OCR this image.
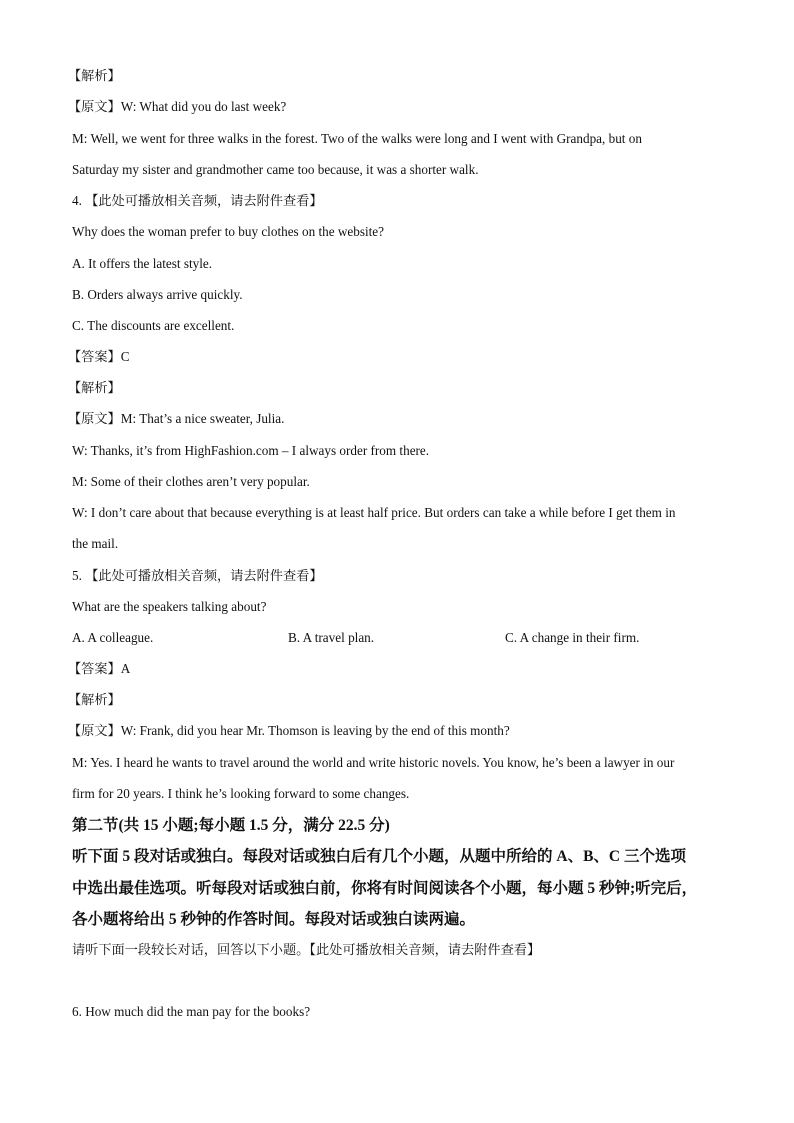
【解析】
【原文】W: What did you do last week?
M: Well, we went for three walks in the forest. Two of the walks were long and I went with Grandpa, but on
Saturday my sister and grandmother came too because, it was a shorter walk.
4. 【此处可播放相关音频，请去附件查看】
Why does the woman prefer to buy clothes on the website?
A. It offers the latest style.
B. Orders always arrive quickly.
C. The discounts are excellent.
【答案】C
【解析】
【原文】M: That’s a nice sweater, Julia.
W: Thanks, it’s from HighFashion.com – I always order from there.
M: Some of their clothes aren’t very popular.
W: I don’t care about that because everything is at least half price. But orders can take a while before I get them in
the mail.
5. 【此处可播放相关音频，请去附件查看】
What are the speakers talking about?
A. A colleague.	B. A travel plan.	C. A change in their firm.
【答案】A
【解析】
【原文】W: Frank, did you hear Mr. Thomson is leaving by the end of this month?
M: Yes. I heard he wants to travel around the world and write historic novels. You know, he’s been a lawyer in our
firm for 20 years. I think he’s looking forward to some changes.
第二节(共 15 小题;每小题 1.5 分，满分 22.5 分)
听下面 5 段对话或独白。每段对话或独白后有几个小题，从题中所给的 A、B、C 三个选项
中选出最佳选项。听每段对话或独白前，你将有时间阅读各个小题，每小题 5 秒钟;听完后，
各小题将给出 5 秒钟的作答时间。每段对话或独白读两遍。
请听下面一段较长对话，回答以下小题。【此处可播放相关音频，请去附件查看】
6. How much did the man pay for the books?
